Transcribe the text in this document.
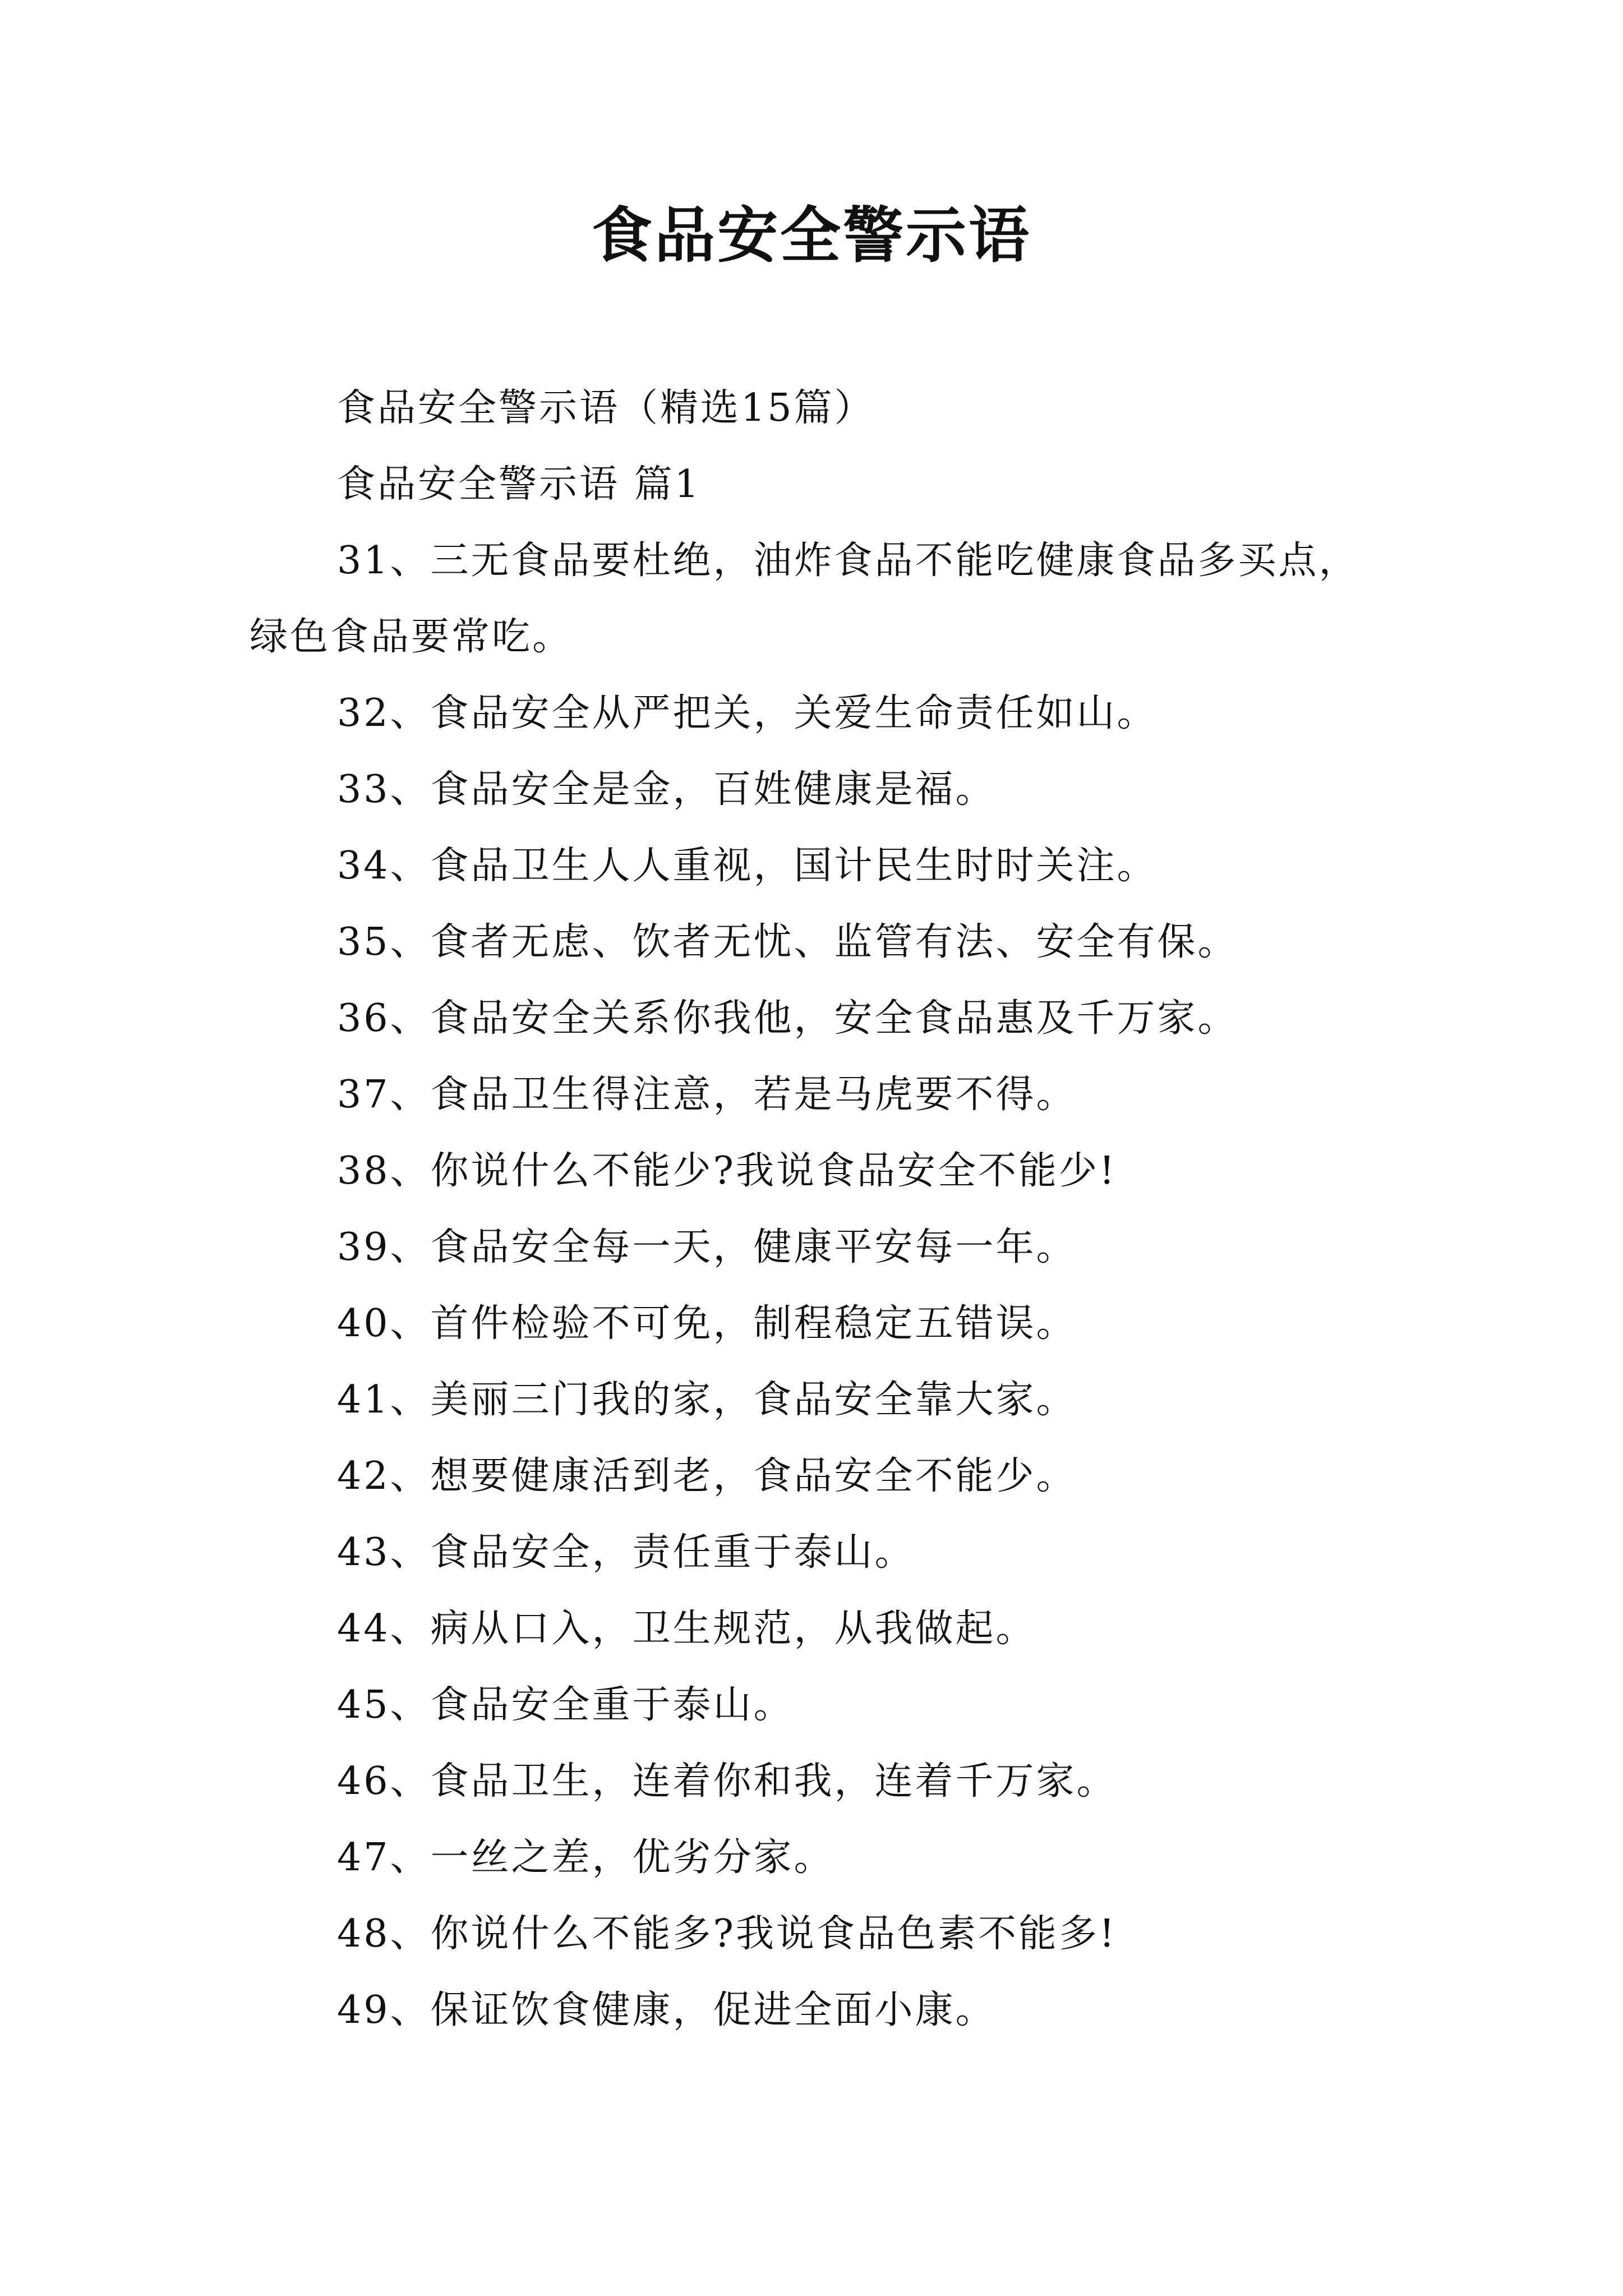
食品安全警示语

食品安全警示语（精选15篇）

食品安全警示语 篇1

31、三无食品要杜绝，油炸食品不能吃健康食品多买点，绿色食品要常吃。

32、食品安全从严把关，关爱生命责任如山。

33、食品安全是金，百姓健康是福。

34、食品卫生人人重视，国计民生时时关注。

35、食者无虑、饮者无忧、监管有法、安全有保。

36、食品安全关系你我他，安全食品惠及千万家。

37、食品卫生得注意，若是马虎要不得。

38、你说什么不能少?我说食品安全不能少!

39、食品安全每一天，健康平安每一年。

40、首件检验不可免，制程稳定五错误。

41、美丽三门我的家，食品安全靠大家。

42、想要健康活到老，食品安全不能少。

43、食品安全，责任重于泰山。

44、病从口入，卫生规范，从我做起。

45、食品安全重于泰山。

46、食品卫生，连着你和我，连着千万家。

47、一丝之差，优劣分家。

48、你说什么不能多?我说食品色素不能多!

49、保证饮食健康，促进全面小康。
